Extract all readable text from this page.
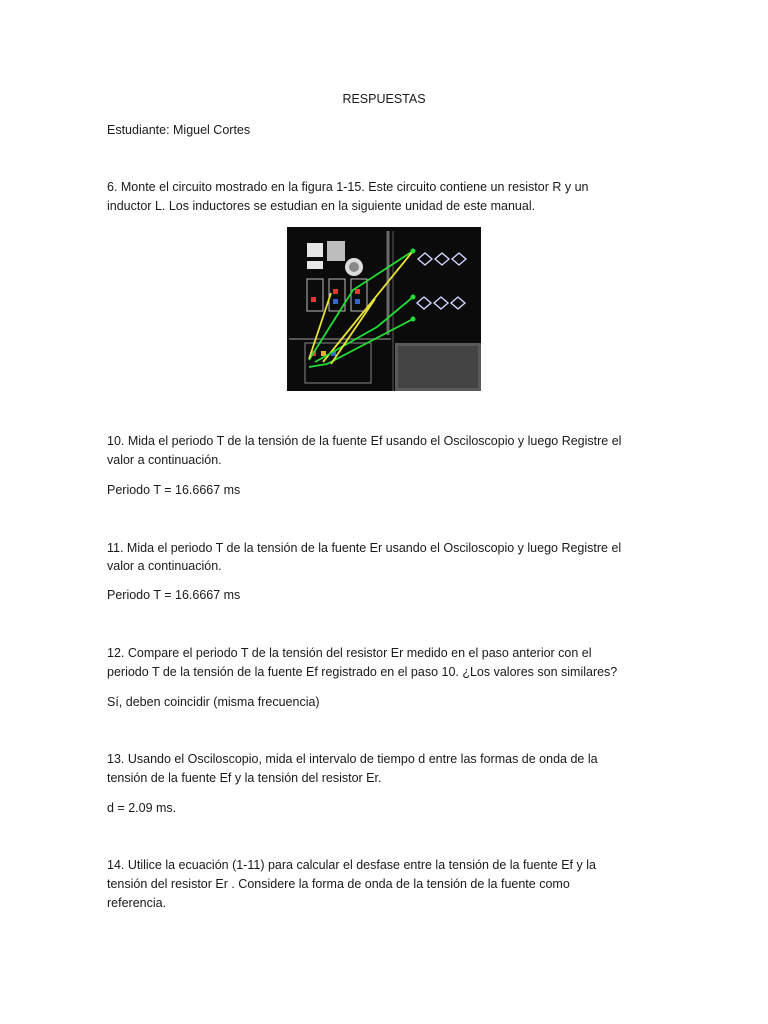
RESPUESTAS
Estudiante: Miguel Cortes
6. Monte el circuito mostrado en la figura 1-15. Este circuito contiene un resistor R y un
inductor L. Los inductores se estudian en la siguiente unidad de este manual.
10. Mida el periodo T de la tensión de la fuente Ef usando el Osciloscopio y luego Registre el
valor a continuación.
Periodo T = 16.6667 ms
11. Mida el periodo T de la tensión de la fuente Er usando el Osciloscopio y luego Registre el
valor a continuación.
Periodo T = 16.6667 ms
12. Compare el periodo T de la tensión del resistor Er medido en el paso anterior con el
periodo T de la tensión de la fuente Ef registrado en el paso 10. ¿Los valores son similares?
Sí, deben coincidir (misma frecuencia)
13. Usando el Osciloscopio, mida el intervalo de tiempo d entre las formas de onda de la
tensión de la fuente Ef y la tensión del resistor Er.
d = 2.09 ms.
14. Utilice la ecuación (1-11) para calcular el desfase entre la tensión de la fuente Ef y la
tensión del resistor Er . Considere la forma de onda de la tensión de la fuente como
referencia.
